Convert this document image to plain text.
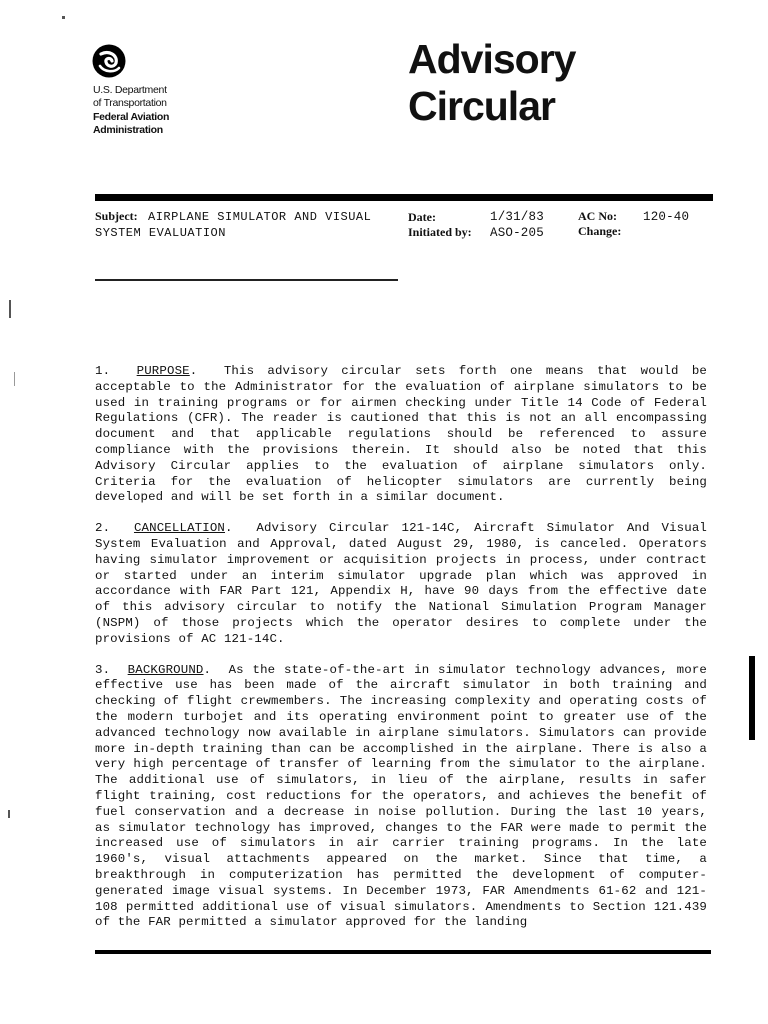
U.S. Department
of Transportation
Federal Aviation
Administration
Advisory
Circular
Subject: AIRPLANE SIMULATOR AND VISUAL SYSTEM EVALUATION
Date:	1/31/83
Initiated by: ASO-205
AC No: 120-40
Change:

1. PURPOSE.  This advisory circular sets forth one means that would be acceptable to the Administrator for the evaluation of airplane simulators to be used in training programs or for airmen checking under Title 14 Code of Federal Regulations (CFR). The reader is cautioned that this is not an all encompassing document and that applicable regulations should be referenced to assure compliance with the provisions therein. It should also be noted that this Advisory Circular applies to the evaluation of airplane simulators only. Criteria for the evaluation of helicopter simulators are currently being developed and will be set forth in a similar document.

2. CANCELLATION.  Advisory Circular 121-14C, Aircraft Simulator And Visual System Evaluation and Approval, dated August 29, 1980, is canceled. Operators having simulator improvement or acquisition projects in process, under contract or started under an interim simulator upgrade plan which was approved in accordance with FAR Part 121, Appendix H, have 90 days from the effective date of this advisory circular to notify the National Simulation Program Manager (NSPM) of those projects which the operator desires to complete under the provisions of AC 121-14C.

3. BACKGROUND.  As the state-of-the-art in simulator technology advances, more effective use has been made of the aircraft simulator in both training and checking of flight crewmembers. The increasing complexity and operating costs of the modern turbojet and its operating environment point to greater use of the advanced technology now available in airplane simulators. Simulators can provide more in-depth training than can be accomplished in the airplane. There is also a very high percentage of transfer of learning from the simulator to the airplane. The additional use of simulators, in lieu of the airplane, results in safer flight training, cost reductions for the operators, and achieves the benefit of fuel conservation and a decrease in noise pollution. During the last 10 years, as simulator technology has improved, changes to the FAR were made to permit the increased use of simulators in air carrier training programs. In the late 1960's, visual attachments appeared on the market. Since that time, a breakthrough in computerization has permitted the development of computer-generated image visual systems. In December 1973, FAR Amendments 61-62 and 121-108 permitted additional use of visual simulators. Amendments to Section 121.439 of the FAR permitted a simulator approved for the landing
